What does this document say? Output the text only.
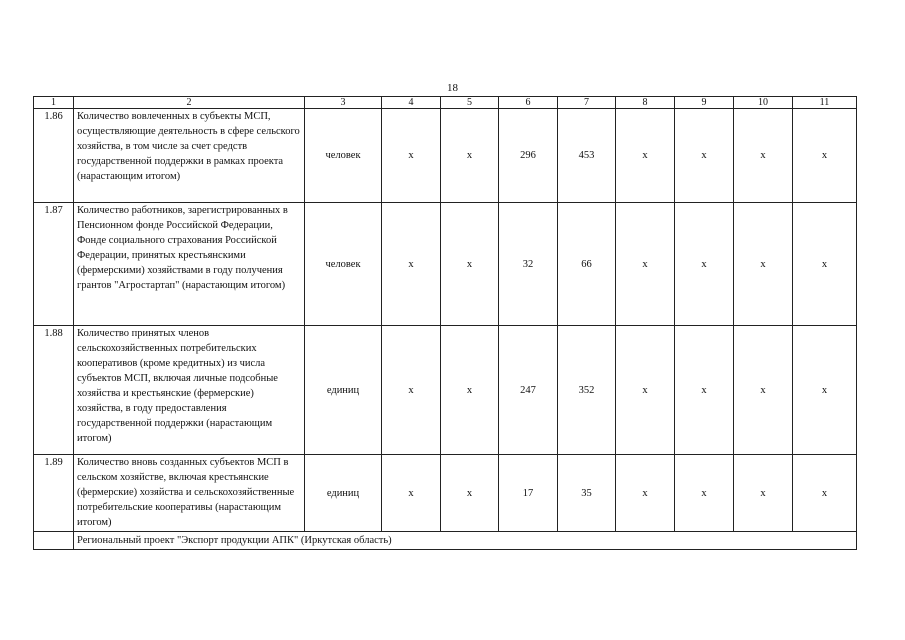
18
1	2	3	4	5	6	7	8	9	10	11
1.86	Количество вовлеченных в субъекты МСП, осуществляющие деятельность в сфере сельского хозяйства, в том числе за счет средств государственной поддержки в рамках проекта (нарастающим итогом)	человек	х	х	296	453	х	х	х	х
1.87	Количество работников, зарегистрированных в Пенсионном фонде Российской Федерации, Фонде социального страхования Российской Федерации, принятых крестьянскими (фермерскими) хозяйствами в году получения грантов "Агростартап" (нарастающим итогом)	человек	х	х	32	66	х	х	х	х
1.88	Количество принятых членов сельскохозяйственных потребительских кооперативов (кроме кредитных) из числа субъектов МСП, включая личные подсобные хозяйства и крестьянские (фермерские) хозяйства, в году предоставления государственной поддержки (нарастающим итогом)	единиц	х	х	247	352	х	х	х	х
1.89	Количество вновь созданных субъектов МСП в сельском хозяйстве, включая крестьянские (фермерские) хозяйства и сельскохозяйственные потребительские кооперативы (нарастающим итогом)	единиц	х	х	17	35	х	х	х	х
	Региональный проект "Экспорт продукции АПК" (Иркутская область)									
